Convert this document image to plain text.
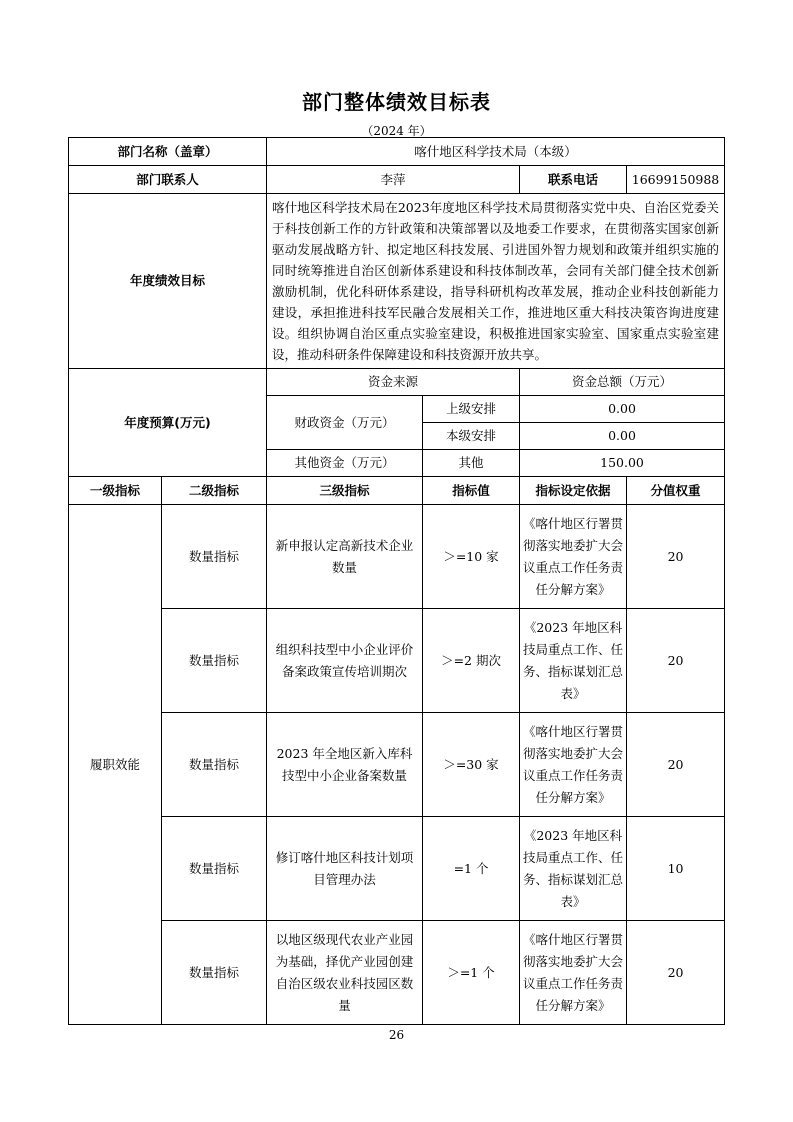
部门整体绩效目标表
（2024 年）
部门名称（盖章）		喀什地区科学技术局（本级）			
部门联系人		李萍		联系电话	16699150988
年度绩效目标		喀什地区科学技术局在2023年度地区科学技术局贯彻落实党中央、自治区党委关于科技创新工作的方针政策和决策部署以及地委工作要求，在贯彻落实国家创新驱动发展战略方针、拟定地区科技发展、引进国外智力规划和政策并组织实施的同时统筹推进自治区创新体系建设和科技体制改革，会同有关部门健全技术创新激励机制，优化科研体系建设，指导科研机构改革发展，推动企业科技创新能力建设，承担推进科技军民融合发展相关工作，推进地区重大科技决策咨询进度建设。组织协调自治区重点实验室建设，积极推进国家实验室、国家重点实验室建设，推动科研条件保障建设和科技资源开放共享。			
年度预算(万元)		资金来源		资金总额（万元）	
		财政资金（万元）	上级安排	0.00	
			本级安排	0.00	
		其他资金（万元）	其他	150.00	
一级指标	二级指标	三级指标	指标值	指标设定依据	分值权重
履职效能	数量指标	新申报认定高新技术企业数量	＞=10 家	《喀什地区行署贯彻落实地委扩大会议重点工作任务责任分解方案》	20
	数量指标	组织科技型中小企业评价备案政策宣传培训期次	＞=2 期次	《2023 年地区科技局重点工作、任务、指标谋划汇总表》	20
	数量指标	2023 年全地区新入库科技型中小企业备案数量	＞=30 家	《喀什地区行署贯彻落实地委扩大会议重点工作任务责任分解方案》	20
	数量指标	修订喀什地区科技计划项目管理办法	=1 个	《2023 年地区科技局重点工作、任务、指标谋划汇总表》	10
	数量指标	以地区级现代农业产业园为基础，择优产业园创建自治区级农业科技园区数量	＞=1 个	《喀什地区行署贯彻落实地委扩大会议重点工作任务责任分解方案》	20
26
